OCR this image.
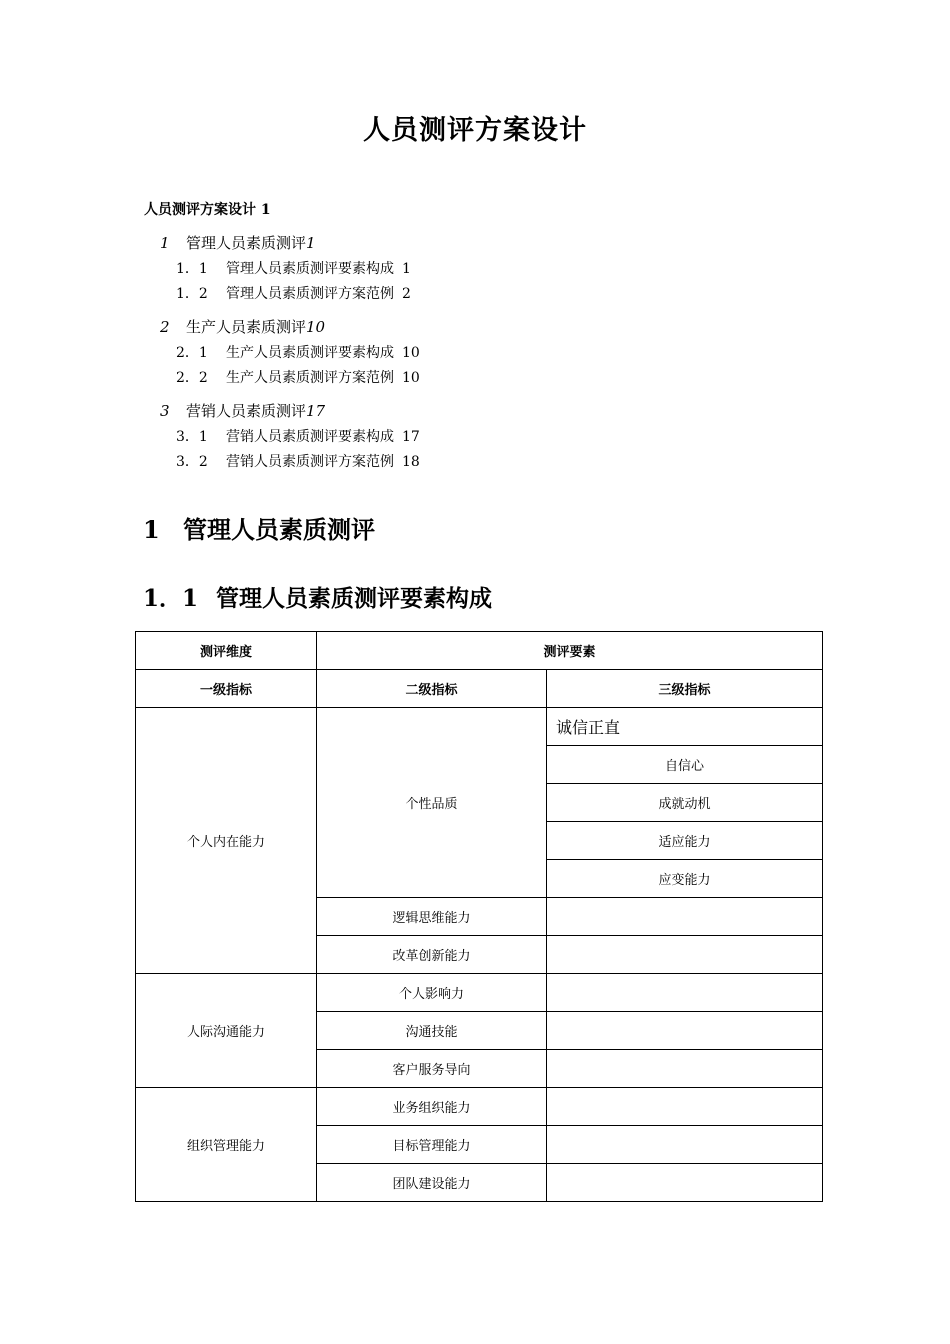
人员测评方案设计
人员测评方案设计 1
1 管理人员素质测评1
1．1 管理人员素质测评要素构成 1
1．2 管理人员素质测评方案范例 2
2 生产人员素质测评10
2．1 生产人员素质测评要素构成 10
2．2 生产人员素质测评方案范例 10
3 营销人员素质测评17
3．1 营销人员素质测评要素构成 17
3．2 营销人员素质测评方案范例 18
1 管理人员素质测评
1．1 管理人员素质测评要素构成
测评维度	测评要素	
一级指标	二级指标	三级指标
个人内在能力	个性品质	诚信正直
		自信心
		成就动机
		适应能力
		应变能力
	逻辑思维能力	
	改革创新能力	
人际沟通能力	个人影响力	
	沟通技能	
	客户服务导向	
组织管理能力	业务组织能力	
	目标管理能力	
	团队建设能力	
